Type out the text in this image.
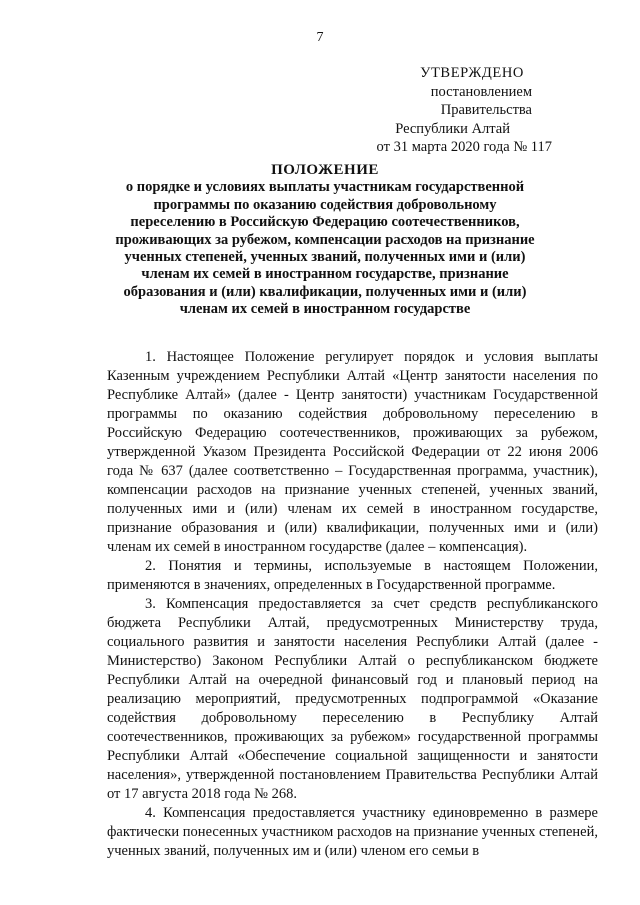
7
УТВЕРЖДЕНО
постановлением Правительства
Республики Алтай
от 31 марта 2020 года № 117
ПОЛОЖЕНИЕ
о порядке и условиях выплаты участникам государственной программы по оказанию содействия добровольному переселению в Российскую Федерацию соотечественников, проживающих за рубежом, компенсации расходов на признание ученных степеней, ученных званий, полученных ими и (или) членам их семей в иностранном государстве, признание образования и (или) квалификации, полученных ими и (или) членам их семей в иностранном государстве

1. Настоящее Положение регулирует порядок и условия выплаты Казенным учреждением Республики Алтай «Центр занятости населения по Республике Алтай» (далее - Центр занятости) участникам Государственной программы по оказанию содействия добровольному переселению в Российскую Федерацию соотечественников, проживающих за рубежом, утвержденной Указом Президента Российской Федерации от 22 июня 2006 года № 637 (далее соответственно – Государственная программа, участник), компенсации расходов на признание ученных степеней, ученных званий, полученных ими и (или) членам их семей в иностранном государстве, признание образования и (или) квалификации, полученных ими и (или) членам их семей в иностранном государстве (далее – компенсация).

2. Понятия и термины, используемые в настоящем Положении, применяются в значениях, определенных в Государственной программе.

3. Компенсация предоставляется за счет средств республиканского бюджета Республики Алтай, предусмотренных Министерству труда, социального развития и занятости населения Республики Алтай (далее - Министерство) Законом Республики Алтай о республиканском бюджете Республики Алтай на очередной финансовый год и плановый период на реализацию мероприятий, предусмотренных подпрограммой «Оказание содействия добровольному переселению в Республику Алтай соотечественников, проживающих за рубежом» государственной программы Республики Алтай «Обеспечение социальной защищенности и занятости населения», утвержденной постановлением Правительства Республики Алтай от 17 августа 2018 года № 268.

4. Компенсация предоставляется участнику единовременно в размере фактически понесенных участником расходов на признание ученных степеней, ученных званий, полученных им и (или) членом его семьи в
